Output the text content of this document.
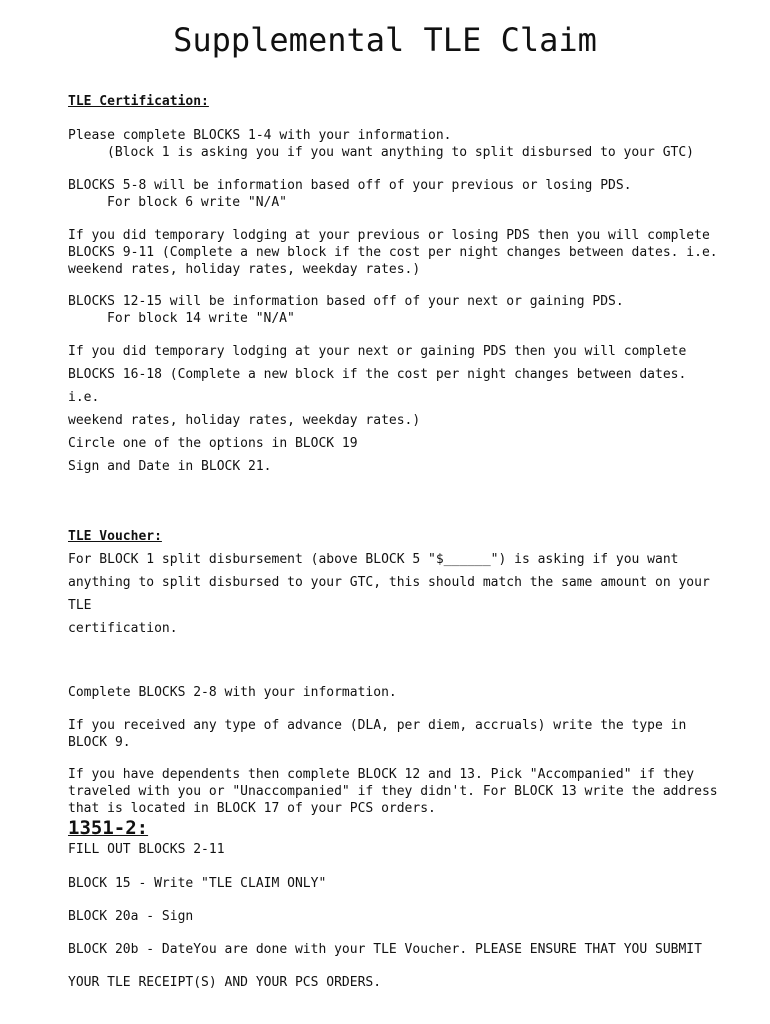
Supplemental TLE Claim
TLE Certification:
Please complete BLOCKS 1-4 with your information.
(Block 1 is asking you if you want anything to split disbursed to your GTC)
BLOCKS 5-8 will be information based off of your previous or losing PDS.
For block 6 write "N/A"
If you did temporary lodging at your previous or losing PDS then you will complete
BLOCKS 9-11 (Complete a new block if the cost per night changes between dates. i.e.
weekend rates, holiday rates, weekday rates.)
BLOCKS 12-15 will be information based off of your next or gaining PDS.
For block 14 write "N/A"
If you did temporary lodging at your next or gaining PDS then you will complete
BLOCKS 16-18 (Complete a new block if the cost per night changes between dates.
i.e.
weekend rates, holiday rates, weekday rates.)
Circle one of the options in BLOCK 19
Sign and Date in BLOCK 21.
TLE Voucher:
For BLOCK 1 split disbursement (above BLOCK 5 "$______") is asking if you want
anything to split disbursed to your GTC, this should match the same amount on your
TLE
certification.
Complete BLOCKS 2-8 with your information.
If you received any type of advance (DLA, per diem, accruals) write the type in
BLOCK 9.
If you have dependents then complete BLOCK 12 and 13. Pick "Accompanied" if they
traveled with you or "Unaccompanied" if they didn't. For BLOCK 13 write the address
that is located in BLOCK 17 of your PCS orders.
1351-2:
FILL OUT BLOCKS 2-11
BLOCK 15 - Write "TLE CLAIM ONLY"
BLOCK 20a - Sign
BLOCK 20b - DateYou are done with your TLE Voucher. PLEASE ENSURE THAT YOU SUBMIT
YOUR TLE RECEIPT(S) AND YOUR PCS ORDERS.
